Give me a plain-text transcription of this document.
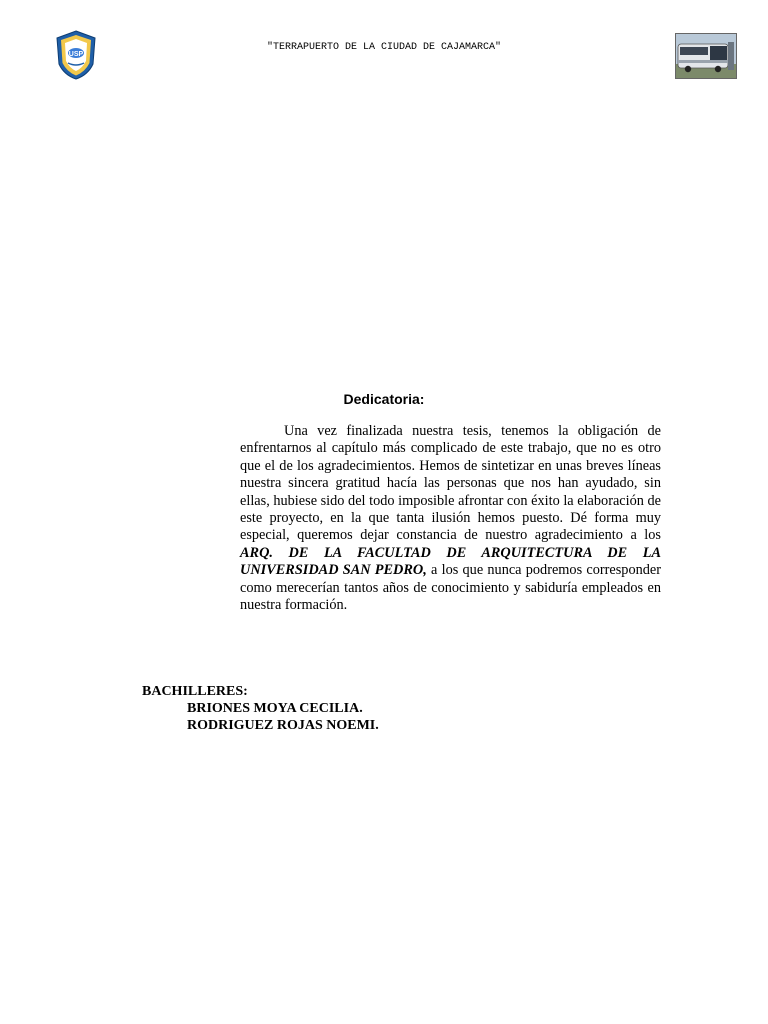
USP
"TERRAPUERTO DE LA CIUDAD DE CAJAMARCA"
Dedicatoria:
Una vez finalizada nuestra tesis, tenemos la obligación de enfrentarnos al capítulo más complicado de este trabajo, que no es otro que el de los agradecimientos. Hemos de sintetizar en unas breves líneas nuestra sincera gratitud hacía las personas que nos han ayudado, sin ellas, hubiese sido del todo imposible afrontar con éxito la elaboración de este proyecto, en la que tanta ilusión hemos puesto. Dé forma muy especial, queremos dejar constancia de nuestro agradecimiento a los ARQ. DE LA FACULTAD DE ARQUITECTURA DE LA UNIVERSIDAD SAN PEDRO, a los que nunca podremos corresponder como merecerían tantos años de conocimiento y sabiduría empleados en nuestra formación.
BACHILLERES:
BRIONES MOYA CECILIA.
RODRIGUEZ ROJAS NOEMI.
